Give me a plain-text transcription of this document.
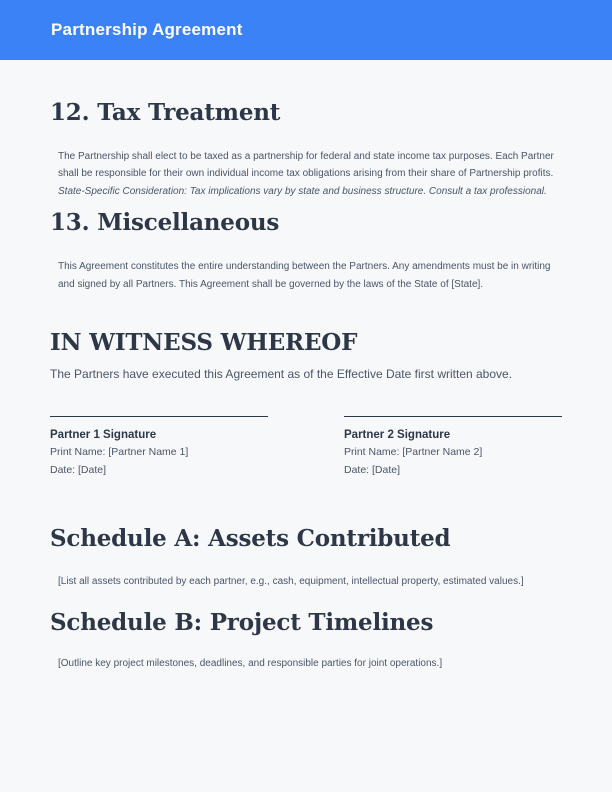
Partnership Agreement
12. Tax Treatment

The Partnership shall elect to be taxed as a partnership for federal and state income tax purposes. Each Partner shall be responsible for their own individual income tax obligations arising from their share of Partnership profits.

State-Specific Consideration: Tax implications vary by state and business structure. Consult a tax professional.

13. Miscellaneous

This Agreement constitutes the entire understanding between the Partners. Any amendments must be in writing and signed by all Partners. This Agreement shall be governed by the laws of the State of [State].

IN WITNESS WHEREOF

The Partners have executed this Agreement as of the Effective Date first written above.

Partner 1 Signature
Print Name: [Partner Name 1]
Date: [Date]
Partner 2 Signature
Print Name: [Partner Name 2]
Date: [Date]
Schedule A: Assets Contributed

[List all assets contributed by each partner, e.g., cash, equipment, intellectual property, estimated values.]

Schedule B: Project Timelines

[Outline key project milestones, deadlines, and responsible parties for joint operations.]
